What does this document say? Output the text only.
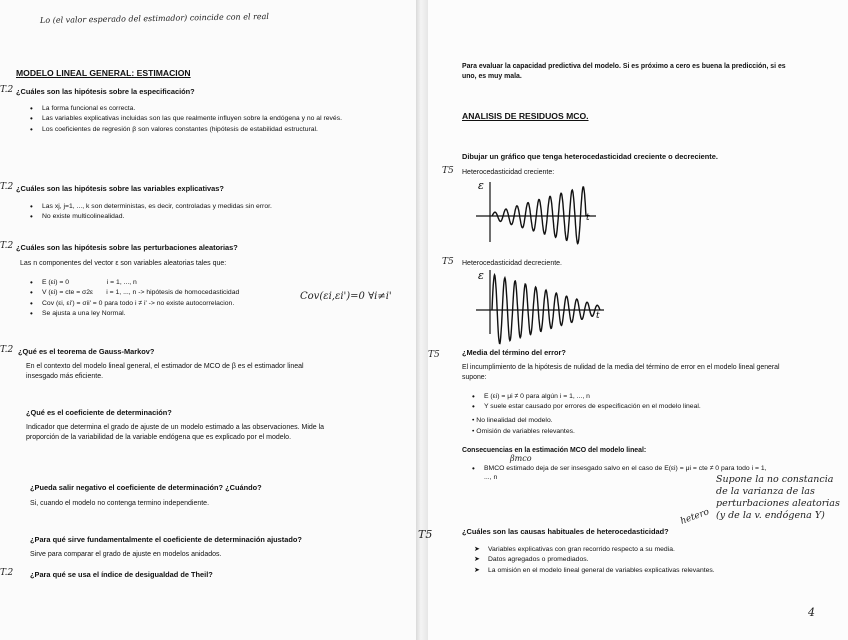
Lo (el valor esperado del estimador) coincide con el real
MODELO LINEAL GENERAL: ESTIMACION
T.2 ¿Cuáles son las hipótesis sobre la especificación?
• La forma funcional es correcta.
• Las variables explicativas incluidas son las que realmente influyen sobre la endógena y no al revés.
• Los coeficientes de regresión β son valores constantes (hipótesis de estabilidad estructural.
T.2 ¿Cuáles son las hipótesis sobre las variables explicativas?
• Las xj, j=1, ..., k son deterministas, es decir, controladas y medidas sin error.
• No existe multicolinealidad.
T.2 ¿Cuáles son las hipótesis sobre las perturbaciones aleatorias?
Las n componentes del vector ε son variables aleatorias tales que:
• E (εi) = 0                    i = 1, ..., n
• V (εi) = cte = σ2ε       i = 1, ..., n -> hipótesis de homocedasticidad
• Cov (εi, εi') = σii' = 0 para todo i ≠ i' -> no existe autocorrelacion.
• Se ajusta a una ley Normal.
Cov(εi,εi')=0 ∀i≠i'
T.2 ¿Qué es el teorema de Gauss-Markov?
En el contexto del modelo lineal general, el estimador de MCO de β es el estimador lineal insesgado más eficiente.
¿Qué es el coeficiente de determinación?
Indicador que determina el grado de ajuste de un modelo estimado a las observaciones. Mide la proporción de la variabilidad de la variable endógena que es explicado por el modelo.
¿Pueda salir negativo el coeficiente de determinación? ¿Cuándo?
Si, cuando el modelo no contenga termino independiente.
¿Para qué sirve fundamentalmente el coeficiente de determinación ajustado?
Sirve para comparar el grado de ajuste en modelos anidados.
T.2 ¿Para qué se usa el índice de desigualdad de Theil?
Para evaluar la capacidad predictiva del modelo. Si es próximo a cero es buena la predicción, si es uno, es muy mala.
ANALISIS DE RESIDUOS MCO.
Dibujar un gráfico que tenga heterocedasticidad creciente o decreciente.
T5 Heterocedasticidad creciente:
ε
t
T5 Heterocedasticidad decreciente.
ε
t
T5	¿Media del término del error?
El incumplimiento de la hipótesis de nulidad de la media del término de error en el modelo lineal general supone:
• E (εi) = μi ≠ 0 para algún i = 1, ..., n
• Y suele estar causado por errores de especificación en el modelo lineal.
• No linealidad del modelo.
• Omisión de variables relevantes.
Consecuencias en la estimación MCO del modelo lineal:
βmco
• BMCO estimado deja de ser insesgado salvo en el caso de E(εi) = μi = cte ≠ 0 para todo i = 1, ..., n	Supone la no constancia de la varianza de las perturbaciones aleatorias (y de la v. endógena Y)
T5	¿Cuáles son las causas habituales de heterocedasticidad?
hetero
➤ Variables explicativas con gran recorrido respecto a su media.
➤ Datos agregados o promediados.
➤ La omisión en el modelo lineal general de variables explicativas relevantes.
4
